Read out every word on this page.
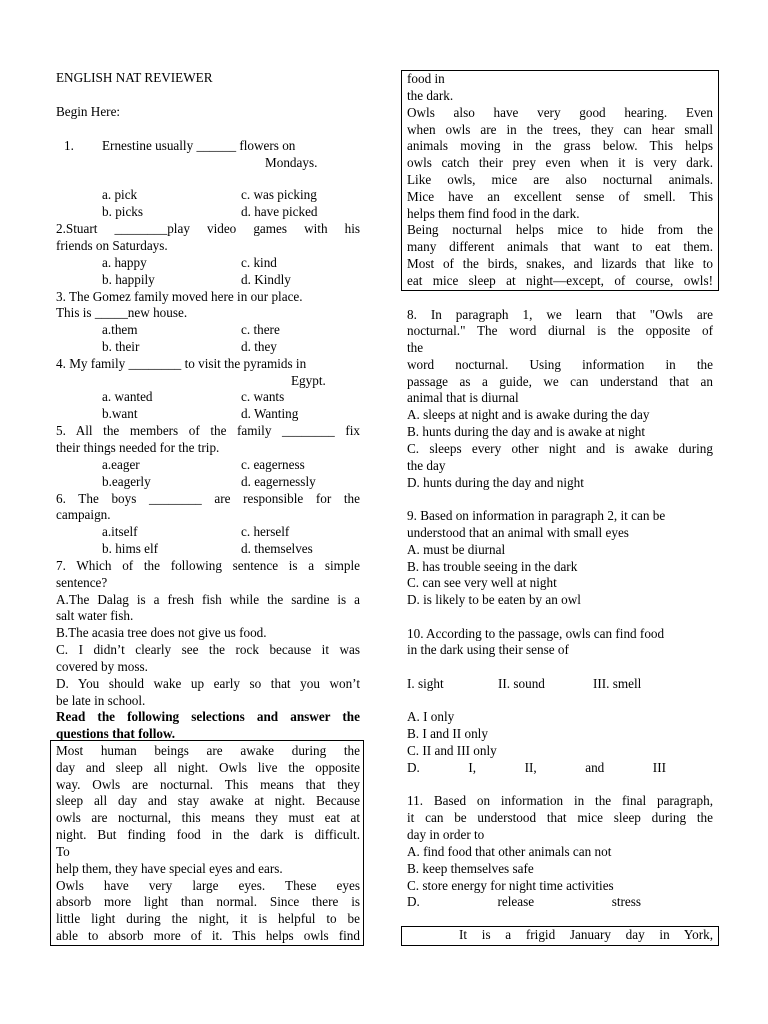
ENGLISH NAT REVIEWER
Begin Here:
1. Ernestine usually ______ flowers on
Mondays.
a. pick	c. was picking
b. picks	d. have picked
2.Stuart ________play video games with his
friends on Saturdays.
a. happy	c. kind
b. happily	d. Kindly
3. The Gomez family moved here in our place.
This is _____new house.
a.them	c. there
b. their	d. they
4. My family ________ to visit the pyramids in
Egypt.
a. wanted	c. wants
b.want	d. Wanting
5. All the members of the family ________ fix
their things needed for the trip.
a.eager	c. eagerness
b.eagerly	d. eagernessly
6. The boys ________ are responsible for the
campaign.
a.itself	c. herself
b. hims elf	d. themselves
7. Which of the following sentence is a simple
sentence?
A.The Dalag is a fresh fish while the sardine is a
salt water fish.
B.The acasia tree does not give us food.
C. I didn’t clearly see the rock because it was
covered by moss.
D. You should wake up early so that you won’t
be late in school.
Read the following selections and answer the
questions that follow.
Most human beings are awake during the
day and sleep all night. Owls live the opposite
way. Owls are nocturnal. This means that they
sleep all day and stay awake at night. Because
owls are nocturnal, this means they must eat at
night. But finding food in the dark is difficult.
To
help them, they have special eyes and ears.
Owls have very large eyes. These eyes
absorb more light than normal. Since there is
little light during the night, it is helpful to be
able to absorb more of it. This helps owls find
food in
the dark.
Owls also have very good hearing. Even
when owls are in the trees, they can hear small
animals moving in the grass below. This helps
owls catch their prey even when it is very dark.
Like owls, mice are also nocturnal animals.
Mice have an excellent sense of smell. This
helps them find food in the dark.
Being nocturnal helps mice to hide from the
many different animals that want to eat them.
Most of the birds, snakes, and lizards that like to
eat mice sleep at night—except, of course, owls!
8. In paragraph 1, we learn that "Owls are
nocturnal." The word diurnal is the opposite of
the
word nocturnal. Using information in the
passage as a guide, we can understand that an
animal that is diurnal
A. sleeps at night and is awake during the day
B. hunts during the day and is awake at night
C. sleeps every other night and is awake during
the day
D. hunts during the day and night
9. Based on information in paragraph 2, it can be
understood that an animal with small eyes
A. must be diurnal
B. has trouble seeing in the dark
C. can see very well at night
D. is likely to be eaten by an owl
10. According to the passage, owls can find food
in the dark using their sense of
I. sight	II. sound	III. smell
A. I only
B. I and II only
C. II and III only
D.	I,	II,	and	III
11. Based on information in the final paragraph,
it can be understood that mice sleep during the
day in order to
A. find food that other animals can not
B. keep themselves safe
C. store energy for night time activities
D.	release	stress
It is a frigid January day in York,
